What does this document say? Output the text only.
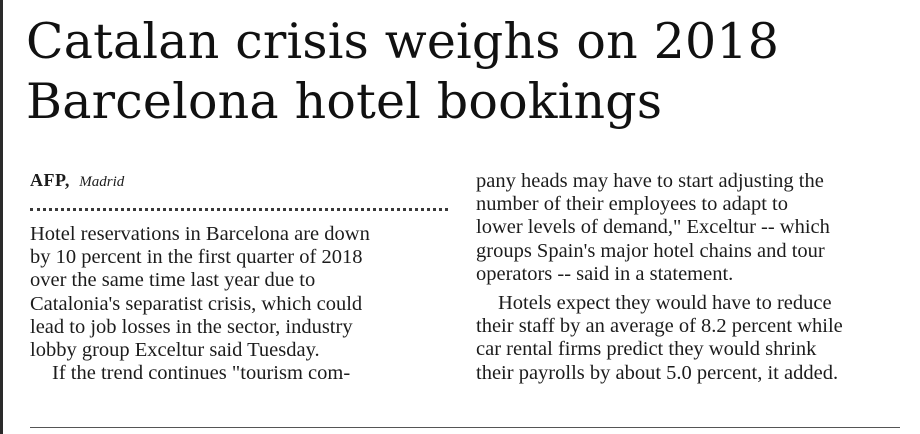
Catalan crisis weighs on 2018
Barcelona hotel bookings
AFP, Madrid

Hotel reservations in Barcelona are down
by 10 percent in the first quarter of 2018
over the same time last year due to
Catalonia's separatist crisis, which could
lead to job losses in the sector, industry
lobby group Exceltur said Tuesday.

If the trend continues "tourism com-

pany heads may have to start adjusting the
number of their employees to adapt to
lower levels of demand," Exceltur -- which
groups Spain's major hotel chains and tour
operators -- said in a statement.

Hotels expect they would have to reduce
their staff by an average of 8.2 percent while
car rental firms predict they would shrink
their payrolls by about 5.0 percent, it added.
